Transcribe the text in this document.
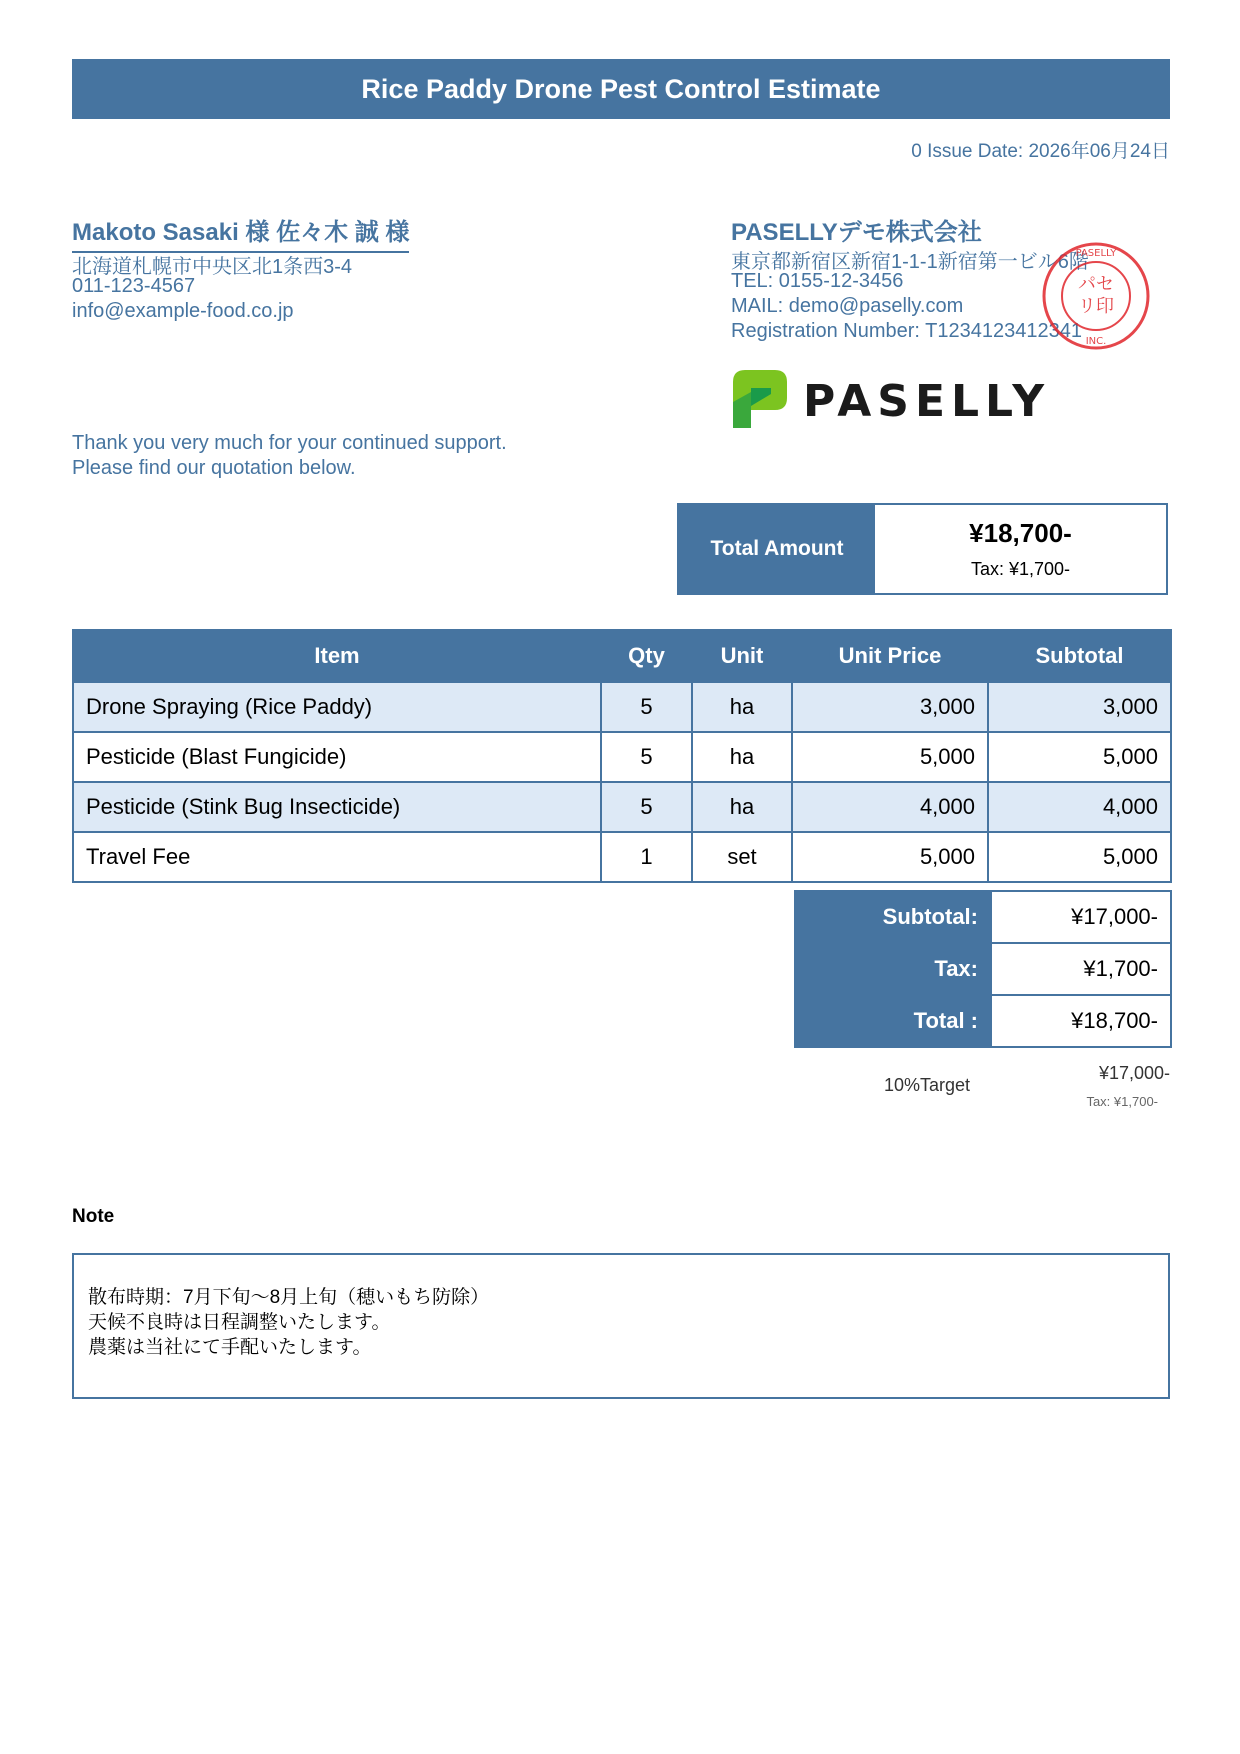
Rice Paddy Drone Pest Control Estimate
0 Issue Date: 2026年06月24日
Makoto Sasaki 様 佐々木 誠 様
北海道札幌市中央区北1条西3-4
011-123-4567
info@example-food.co.jp
PASELLYデモ株式会社
東京都新宿区新宿1-1-1新宿第一ビル6階
TEL: 0155-12-3456
MAIL: demo@paselly.com
Registration Number: T1234123412341
パセ
リ印
PASELLY
INC.
PASELLY
Thank you very much for your continued support.
Please find our quotation below.
Total Amount
¥18,700-
Tax: ¥1,700-
Item	Qty	Unit	Unit Price	Subtotal
Drone Spraying (Rice Paddy)	5	ha	3,000	3,000
Pesticide (Blast Fungicide)	5	ha	5,000	5,000
Pesticide (Stink Bug Insecticide)	5	ha	4,000	4,000
Travel Fee	1	set	5,000	5,000
Subtotal:	¥17,000-
Tax:	¥1,700-
Total :	¥18,700-
10%Target
¥17,000-
Tax: ¥1,700-
Note
散布時期：7月下旬〜8月上旬（穂いもち防除）
天候不良時は日程調整いたします。
農薬は当社にて手配いたします。
